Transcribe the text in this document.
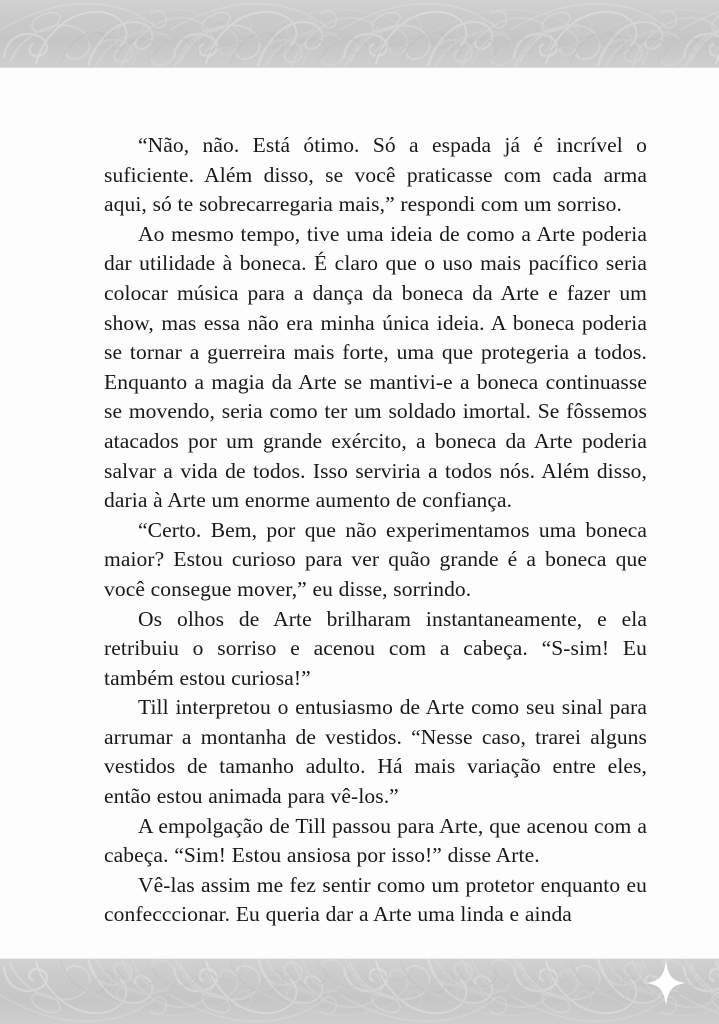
“Não, não. Está ótimo. Só a espada já é incrível o suficiente. Além disso, se você praticasse com cada arma aqui, só te sobrecarregaria mais,” respondi com um sorriso.

Ao mesmo tempo, tive uma ideia de como a Arte poderia dar utilidade à boneca. É claro que o uso mais pacífico seria colocar música para a dança da boneca da Arte e fazer um show, mas essa não era minha única ideia. A boneca poderia se tornar a guerreira mais forte, uma que protegeria a todos. Enquanto a magia da Arte se mantivi-e a boneca continuasse se movendo, seria como ter um soldado imortal. Se fôssemos atacados por um grande exército, a boneca da Arte poderia salvar a vida de todos. Isso serviria a todos nós. Além disso, daria à Arte um enorme aumento de confiança.

“Certo. Bem, por que não experimentamos uma boneca maior? Estou curioso para ver quão grande é a boneca que você consegue mover,” eu disse, sorrindo.

Os olhos de Arte brilharam instantaneamente, e ela retribuiu o sorriso e acenou com a cabeça. “S-sim! Eu também estou curiosa!”

Till interpretou o entusiasmo de Arte como seu sinal para arrumar a montanha de vestidos. “Nesse caso, trarei alguns vestidos de tamanho adulto. Há mais variação entre eles, então estou animada para vê-los.”

A empolgação de Till passou para Arte, que acenou com a cabeça. “Sim! Estou ansiosa por isso!” disse Arte.

Vê-las assim me fez sentir como um protetor enquanto eu confecccionar. Eu queria dar a Arte uma linda e ainda
